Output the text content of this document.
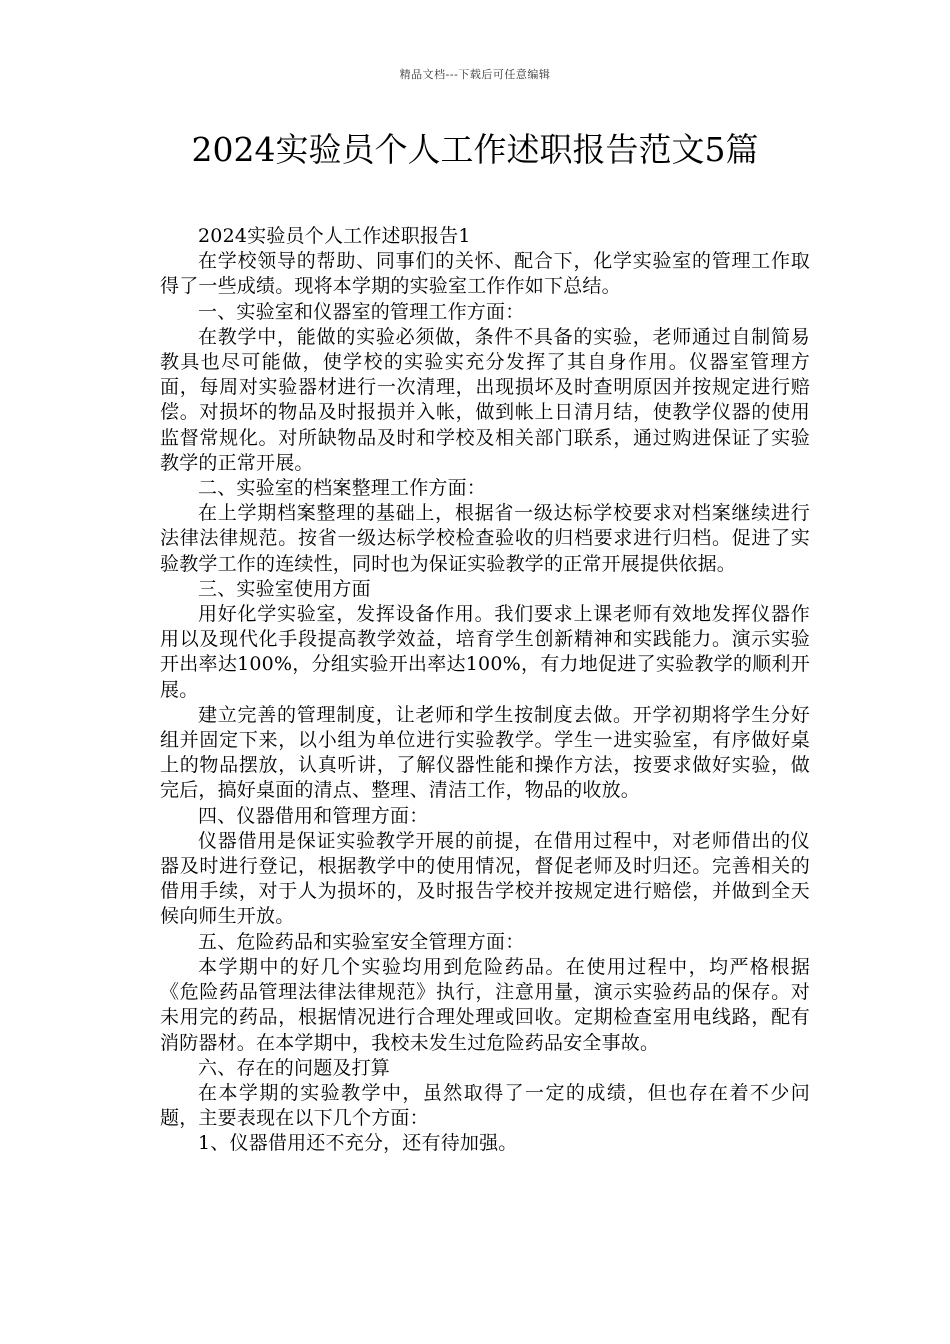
精品文档---下载后可任意编辑
2024实验员个人工作述职报告范文5篇

2024实验员个人工作述职报告1

在学校领导的帮助、同事们的关怀、配合下，化学实验室的管理工作取得了一些成绩。现将本学期的实验室工作作如下总结。

一、实验室和仪器室的管理工作方面：

在教学中，能做的实验必须做，条件不具备的实验，老师通过自制简易教具也尽可能做，使学校的实验实充分发挥了其自身作用。仪器室管理方面，每周对实验器材进行一次清理，出现损坏及时查明原因并按规定进行赔偿。对损坏的物品及时报损并入帐，做到帐上日清月结，使教学仪器的使用监督常规化。对所缺物品及时和学校及相关部门联系，通过购进保证了实验教学的正常开展。

二、实验室的档案整理工作方面：

在上学期档案整理的基础上，根据省一级达标学校要求对档案继续进行法律法律规范。按省一级达标学校检查验收的归档要求进行归档。促进了实验教学工作的连续性，同时也为保证实验教学的正常开展提供依据。

三、实验室使用方面

用好化学实验室，发挥设备作用。我们要求上课老师有效地发挥仪器作用以及现代化手段提高教学效益，培育学生创新精神和实践能力。演示实验开出率达100%，分组实验开出率达100%，有力地促进了实验教学的顺利开展。

建立完善的管理制度，让老师和学生按制度去做。开学初期将学生分好组并固定下来，以小组为单位进行实验教学。学生一进实验室，有序做好桌上的物品摆放，认真听讲，了解仪器性能和操作方法，按要求做好实验，做完后，搞好桌面的清点、整理、清洁工作，物品的收放。

四、仪器借用和管理方面：

仪器借用是保证实验教学开展的前提，在借用过程中，对老师借出的仪器及时进行登记，根据教学中的使用情况，督促老师及时归还。完善相关的借用手续，对于人为损坏的，及时报告学校并按规定进行赔偿，并做到全天候向师生开放。

五、危险药品和实验室安全管理方面：

本学期中的好几个实验均用到危险药品。在使用过程中，均严格根据《危险药品管理法律法律规范》执行，注意用量，演示实验药品的保存。对未用完的药品，根据情况进行合理处理或回收。定期检查室用电线路，配有消防器材。在本学期中，我校未发生过危险药品安全事故。

六、存在的问题及打算

在本学期的实验教学中，虽然取得了一定的成绩，但也存在着不少问题，主要表现在以下几个方面：

1、仪器借用还不充分，还有待加强。
